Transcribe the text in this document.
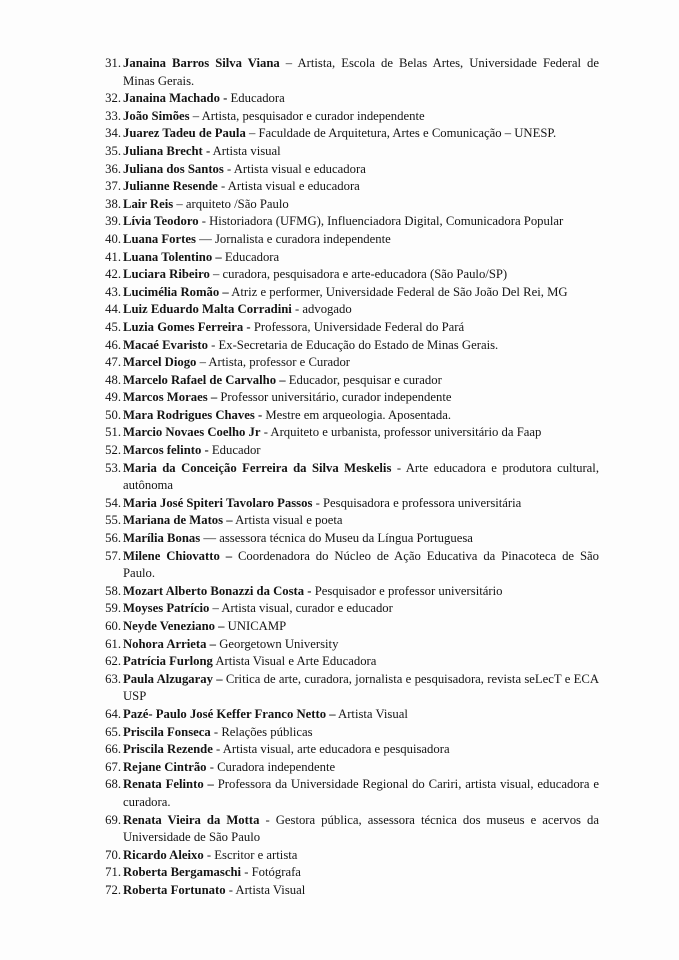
31 . Janaina Barros Silva Viana – Artista, Escola de Belas Artes, Universidade Federal de Minas Gerais.
32 . Janaina Machado - Educadora
33 . João Simões – Artista, pesquisador e curador independente
34 . Juarez Tadeu de Paula – Faculdade de Arquitetura, Artes e Comunicação – UNESP.
35 . Juliana Brecht - Artista visual
36 . Juliana dos Santos - Artista visual e educadora
37 . Julianne Resende - Artista visual e educadora
38 . Lair Reis – arquiteto /São Paulo
39 . Lívia Teodoro - Historiadora (UFMG), Influenciadora Digital, Comunicadora Popular
40 . Luana Fortes — Jornalista e curadora independente
41 . Luana Tolentino – Educadora
42 . Luciara Ribeiro – curadora, pesquisadora e arte-educadora (São Paulo/SP)
43 . Lucimélia Romão – Atriz e performer, Universidade Federal de São João Del Rei, MG
44 . Luiz Eduardo Malta Corradini - advogado
45 . Luzia Gomes Ferreira - Professora, Universidade Federal do Pará
46 . Macaé Evaristo - Ex-Secretaria de Educação do Estado de Minas Gerais.
47 . Marcel Diogo – Artista, professor e Curador
48 . Marcelo Rafael de Carvalho – Educador, pesquisar e curador
49 . Marcos Moraes – Professor universitário, curador independente
50 . Mara Rodrigues Chaves - Mestre em arqueologia. Aposentada.
51 . Marcio Novaes Coelho Jr - Arquiteto e urbanista, professor universitário da Faap
52 . Marcos felinto - Educador
53 . Maria da Conceição Ferreira da Silva Meskelis - Arte educadora e produtora cultural, autônoma
54 . Maria José Spiteri Tavolaro Passos - Pesquisadora e professora universitária
55 . Mariana de Matos – Artista visual e poeta
56 . Marília Bonas — assessora técnica do Museu da Língua Portuguesa
57 . Milene Chiovatto – Coordenadora do Núcleo de Ação Educativa da Pinacoteca de São Paulo.
58 . Mozart Alberto Bonazzi da Costa - Pesquisador e professor universitário
59 . Moyses Patrício – Artista visual, curador e educador
60 . Neyde Veneziano – UNICAMP
61 . Nohora Arrieta – Georgetown University
62 . Patrícia Furlong Artista Visual e Arte Educadora
63 . Paula Alzugaray – Critica de arte, curadora, jornalista e pesquisadora, revista seLecT e ECA USP
64 . Pazé- Paulo José Keffer Franco Netto – Artista Visual
65 . Priscila Fonseca - Relações públicas
66 . Priscila Rezende - Artista visual, arte educadora e pesquisadora
67 . Rejane Cintrão - Curadora independente
68 . Renata Felinto – Professora da Universidade Regional do Cariri, artista visual, educadora e curadora.
69 . Renata Vieira da Motta - Gestora pública, assessora técnica dos museus e acervos da Universidade de São Paulo
70 . Ricardo Aleixo - Escritor e artista
71 . Roberta Bergamaschi - Fotógrafa
72 . Roberta Fortunato - Artista Visual
